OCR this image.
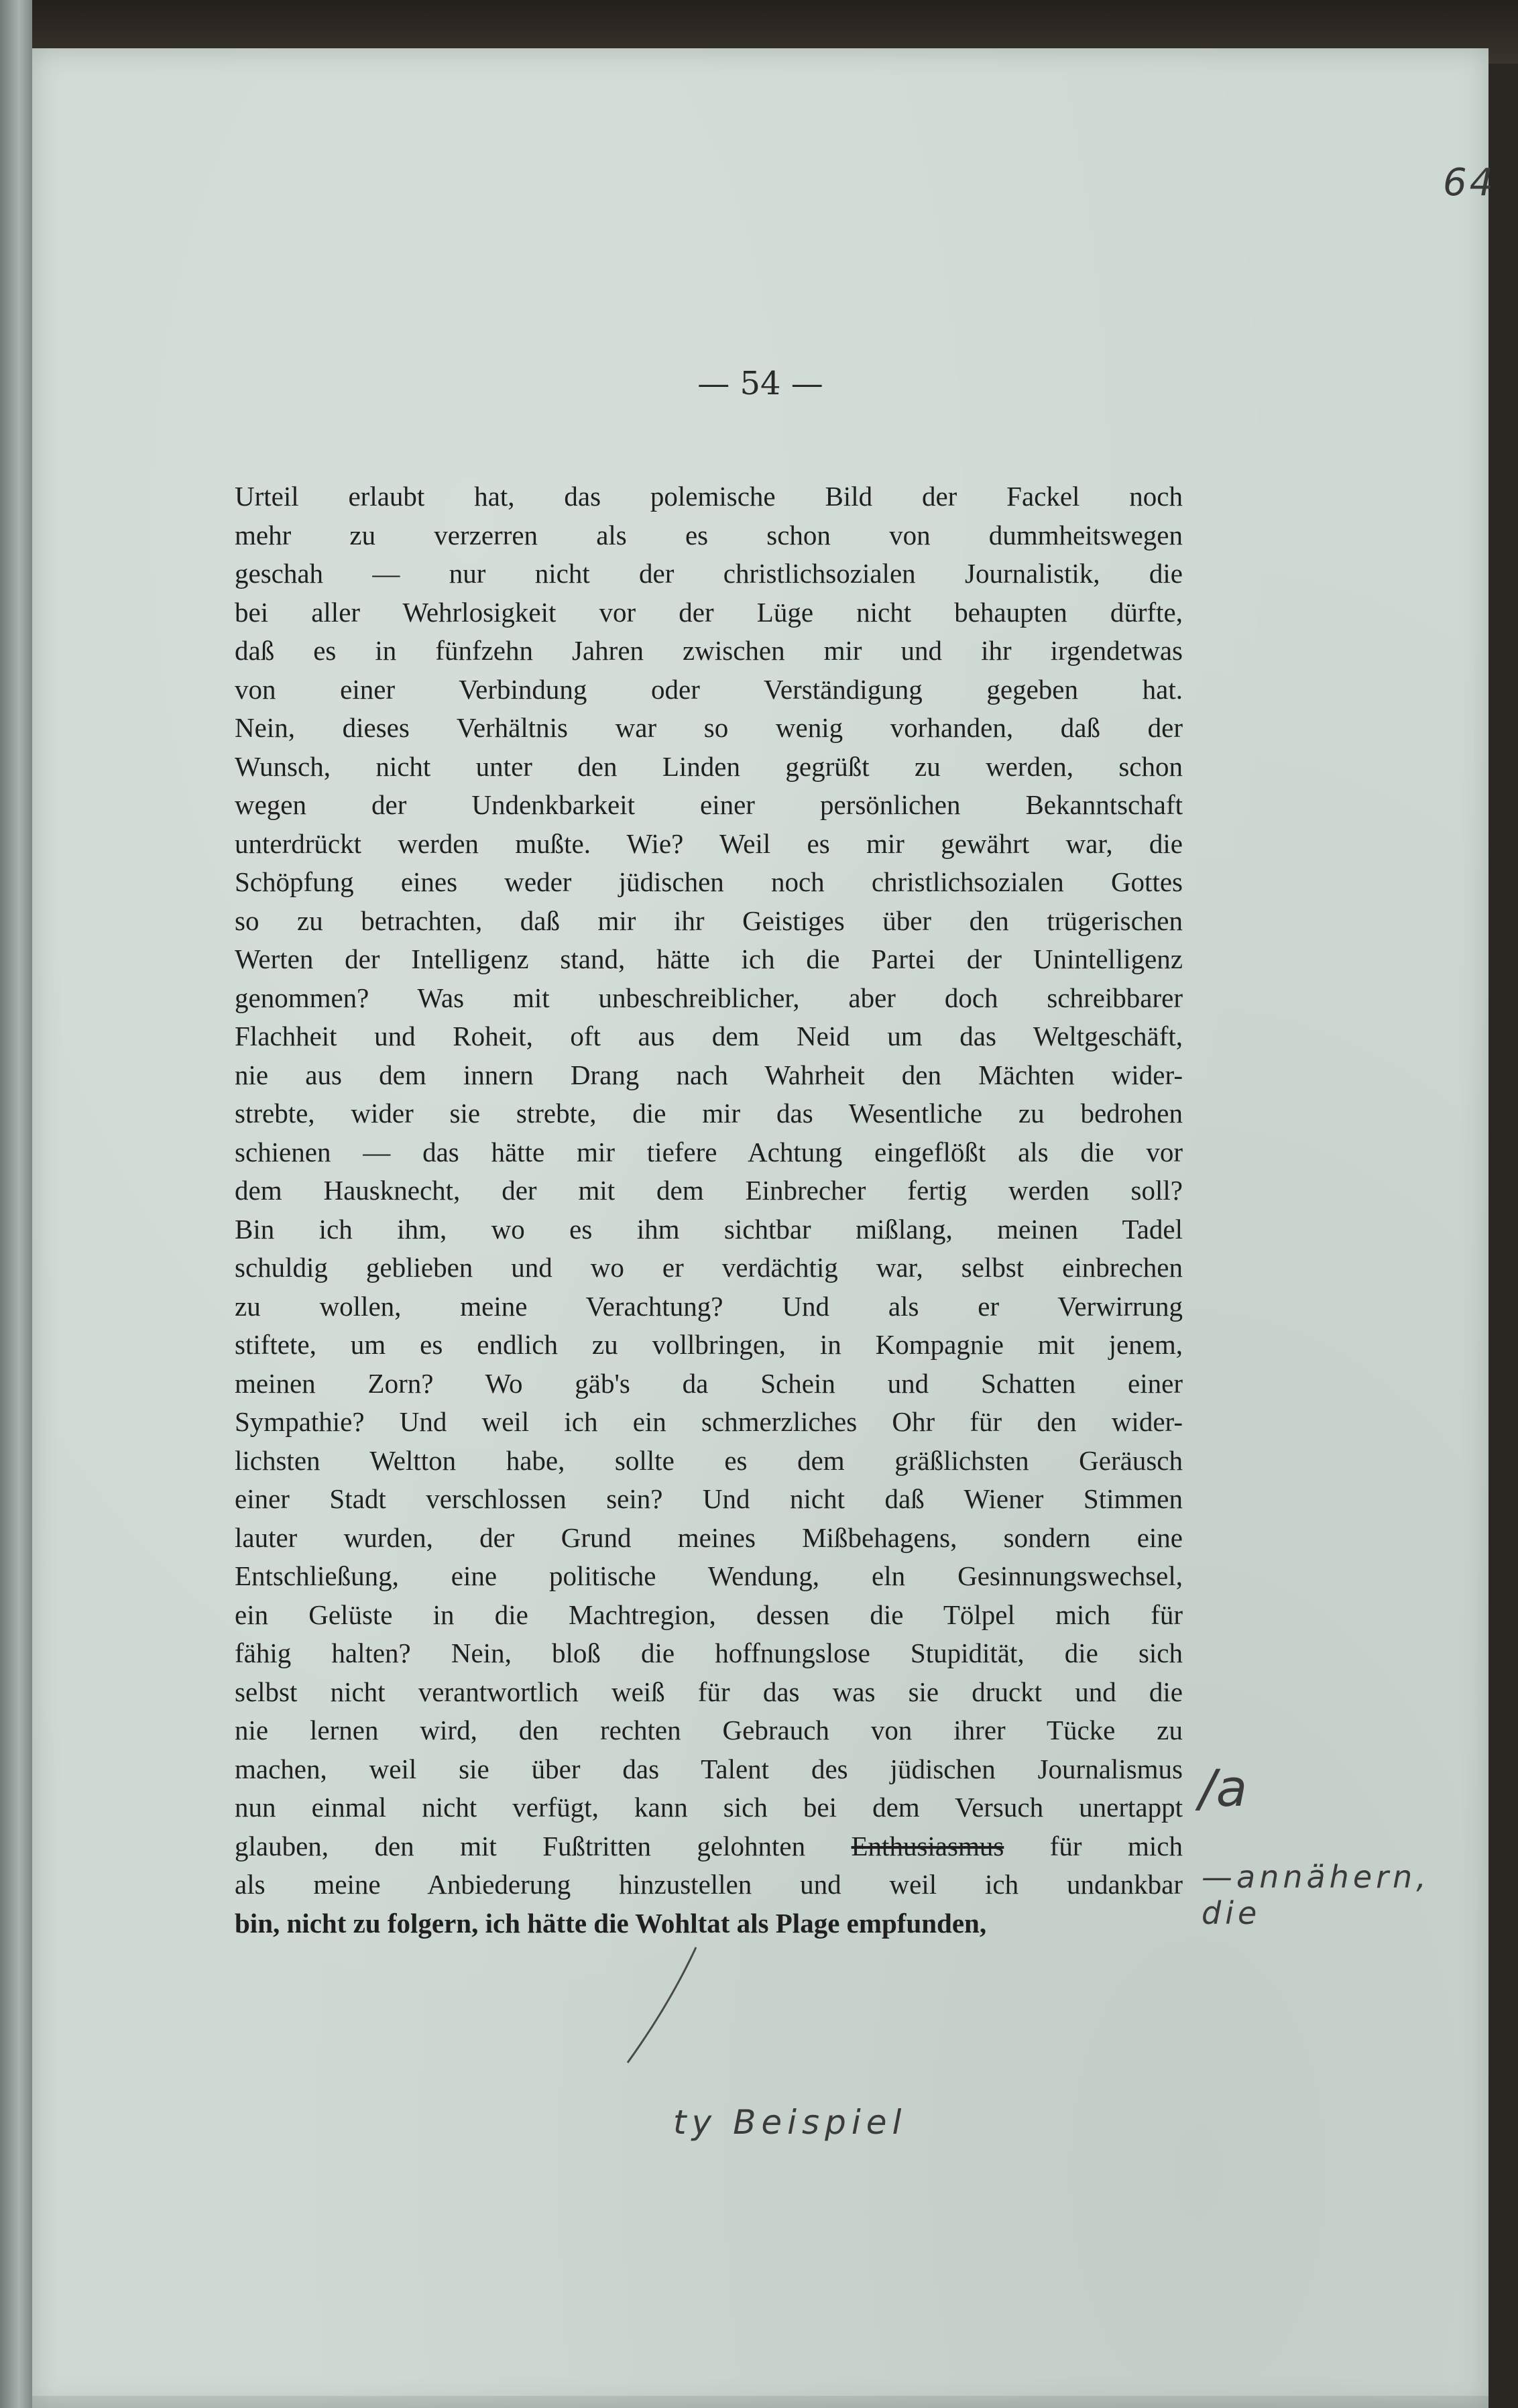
64
— 54 —
Urteil erlaubt hat, das polemische Bild der Fackel noch
mehr zu verzerren als es schon von dummheitswegen
geschah — nur nicht der christlichsozialen Journalistik, die
bei aller Wehrlosigkeit vor der Lüge nicht behaupten dürfte,
daß es in fünfzehn Jahren zwischen mir und ihr irgendetwas
von einer Verbindung oder Verständigung gegeben hat.
Nein, dieses Verhältnis war so wenig vorhanden, daß der
Wunsch, nicht unter den Linden gegrüßt zu werden, schon
wegen der Undenkbarkeit einer persönlichen Bekanntschaft
unterdrückt werden mußte. Wie? Weil es mir gewährt war, die
Schöpfung eines weder jüdischen noch christlichsozialen Gottes
so zu betrachten, daß mir ihr Geistiges über den trügerischen
Werten der Intelligenz stand, hätte ich die Partei der Unintelligenz
genommen? Was mit unbeschreiblicher, aber doch schreibbarer
Flachheit und Roheit, oft aus dem Neid um das Weltgeschäft,
nie aus dem innern Drang nach Wahrheit den Mächten wider-
strebte, wider sie strebte, die mir das Wesentliche zu bedrohen
schienen — das hätte mir tiefere Achtung eingeflößt als die vor
dem Hausknecht, der mit dem Einbrecher fertig werden soll?
Bin ich ihm, wo es ihm sichtbar mißlang, meinen Tadel
schuldig geblieben und wo er verdächtig war, selbst einbrechen
zu wollen, meine Verachtung? Und als er Verwirrung
stiftete, um es endlich zu vollbringen, in Kompagnie mit jenem,
meinen Zorn? Wo gäb's da Schein und Schatten einer
Sympathie? Und weil ich ein schmerzliches Ohr für den wider-
lichsten Weltton habe, sollte es dem gräßlichsten Geräusch
einer Stadt verschlossen sein? Und nicht daß Wiener Stimmen
lauter wurden, der Grund meines Mißbehagens, sondern eine
Entschließung, eine politische Wendung, eln Gesinnungswechsel,
ein Gelüste in die Machtregion, dessen die Tölpel mich für
fähig halten? Nein, bloß die hoffnungslose Stupidität, die sich
selbst nicht verantwortlich weiß für das was sie druckt und die
nie lernen wird, den rechten Gebrauch von ihrer Tücke zu
machen, weil sie über das Talent des jüdischen Journalismus
nun einmal nicht verfügt, kann sich bei dem Versuch unertappt
glauben, den mit Fußtritten gelohnten Enthusiasmus für mich
als meine Anbiederung hinzustellen und weil ich undankbar
bin, nicht zu folgern, ich hätte die Wohltat als Plage empfunden,
/a
—annähern, die
ty Beispiel
